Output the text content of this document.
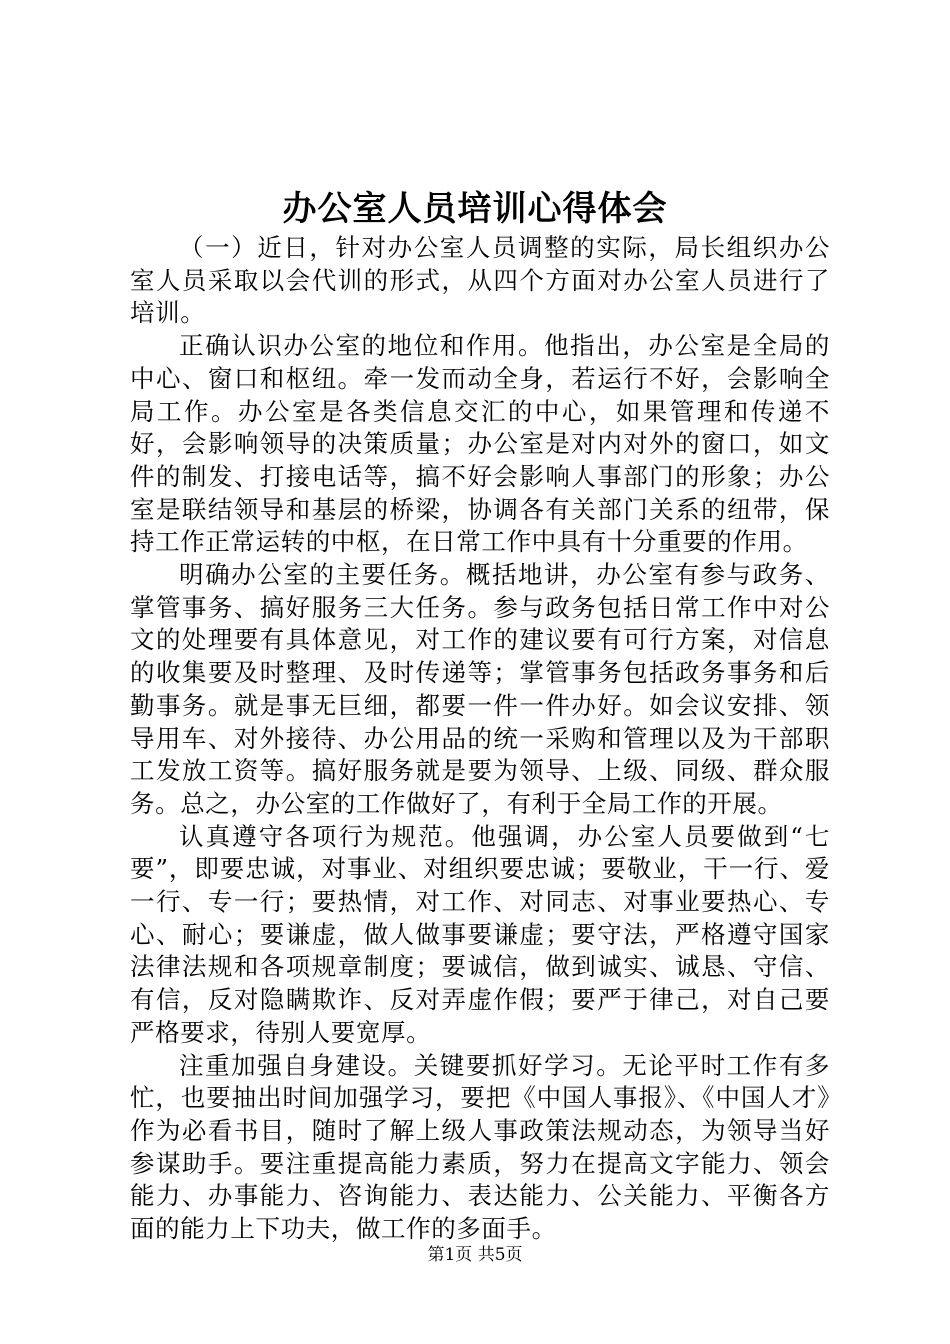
办公室人员培训心得体会

（一）近日，针对办公室人员调整的实际，局长组织办公室人员采取以会代训的形式，从四个方面对办公室人员进行了培训。

正确认识办公室的地位和作用。他指出，办公室是全局的中心、窗口和枢纽。牵一发而动全身，若运行不好，会影响全局工作。办公室是各类信息交汇的中心，如果管理和传递不好，会影响领导的决策质量；办公室是对内对外的窗口，如文件的制发、打接电话等，搞不好会影响人事部门的形象；办公室是联结领导和基层的桥梁，协调各有关部门关系的纽带，保持工作正常运转的中枢，在日常工作中具有十分重要的作用。

明确办公室的主要任务。概括地讲，办公室有参与政务、掌管事务、搞好服务三大任务。参与政务包括日常工作中对公文的处理要有具体意见，对工作的建议要有可行方案，对信息的收集要及时整理、及时传递等；掌管事务包括政务事务和后勤事务。就是事无巨细，都要一件一件办好。如会议安排、领导用车、对外接待、办公用品的统一采购和管理以及为干部职工发放工资等。搞好服务就是要为领导、上级、同级、群众服务。总之，办公室的工作做好了，有利于全局工作的开展。

认真遵守各项行为规范。他强调，办公室人员要做到“七要”，即要忠诚，对事业、对组织要忠诚；要敬业，干一行、爱一行、专一行；要热情，对工作、对同志、对事业要热心、专心、耐心；要谦虚，做人做事要谦虚；要守法，严格遵守国家法律法规和各项规章制度；要诚信，做到诚实、诚恳、守信、有信，反对隐瞒欺诈、反对弄虚作假；要严于律己，对自己要严格要求，待别人要宽厚。

注重加强自身建设。关键要抓好学习。无论平时工作有多忙，也要抽出时间加强学习，要把《中国人事报》、《中国人才》作为必看书目，随时了解上级人事政策法规动态，为领导当好参谋助手。要注重提高能力素质，努力在提高文字能力、领会能力、办事能力、咨询能力、表达能力、公关能力、平衡各方面的能力上下功夫，做工作的多面手。

第1页 共5页
